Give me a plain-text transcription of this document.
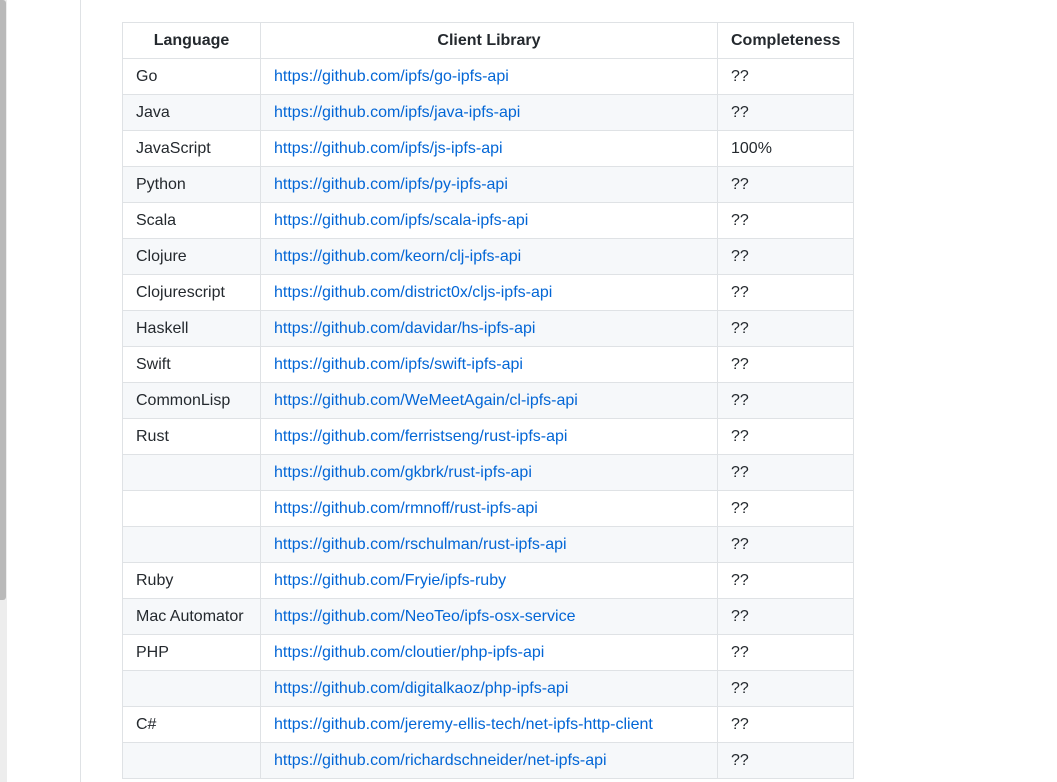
Language	Client Library	Completeness
Go	https://github.com/ipfs/go-ipfs-api	??
Java	https://github.com/ipfs/java-ipfs-api	??
JavaScript	https://github.com/ipfs/js-ipfs-api	100%
Python	https://github.com/ipfs/py-ipfs-api	??
Scala	https://github.com/ipfs/scala-ipfs-api	??
Clojure	https://github.com/keorn/clj-ipfs-api	??
Clojurescript	https://github.com/district0x/cljs-ipfs-api	??
Haskell	https://github.com/davidar/hs-ipfs-api	??
Swift	https://github.com/ipfs/swift-ipfs-api	??
CommonLisp	https://github.com/WeMeetAgain/cl-ipfs-api	??
Rust	https://github.com/ferristseng/rust-ipfs-api	??
	https://github.com/gkbrk/rust-ipfs-api	??
	https://github.com/rmnoff/rust-ipfs-api	??
	https://github.com/rschulman/rust-ipfs-api	??
Ruby	https://github.com/Fryie/ipfs-ruby	??
Mac Automator	https://github.com/NeoTeo/ipfs-osx-service	??
PHP	https://github.com/cloutier/php-ipfs-api	??
	https://github.com/digitalkaoz/php-ipfs-api	??
C#	https://github.com/jeremy-ellis-tech/net-ipfs-http-client	??
	https://github.com/richardschneider/net-ipfs-api	??
